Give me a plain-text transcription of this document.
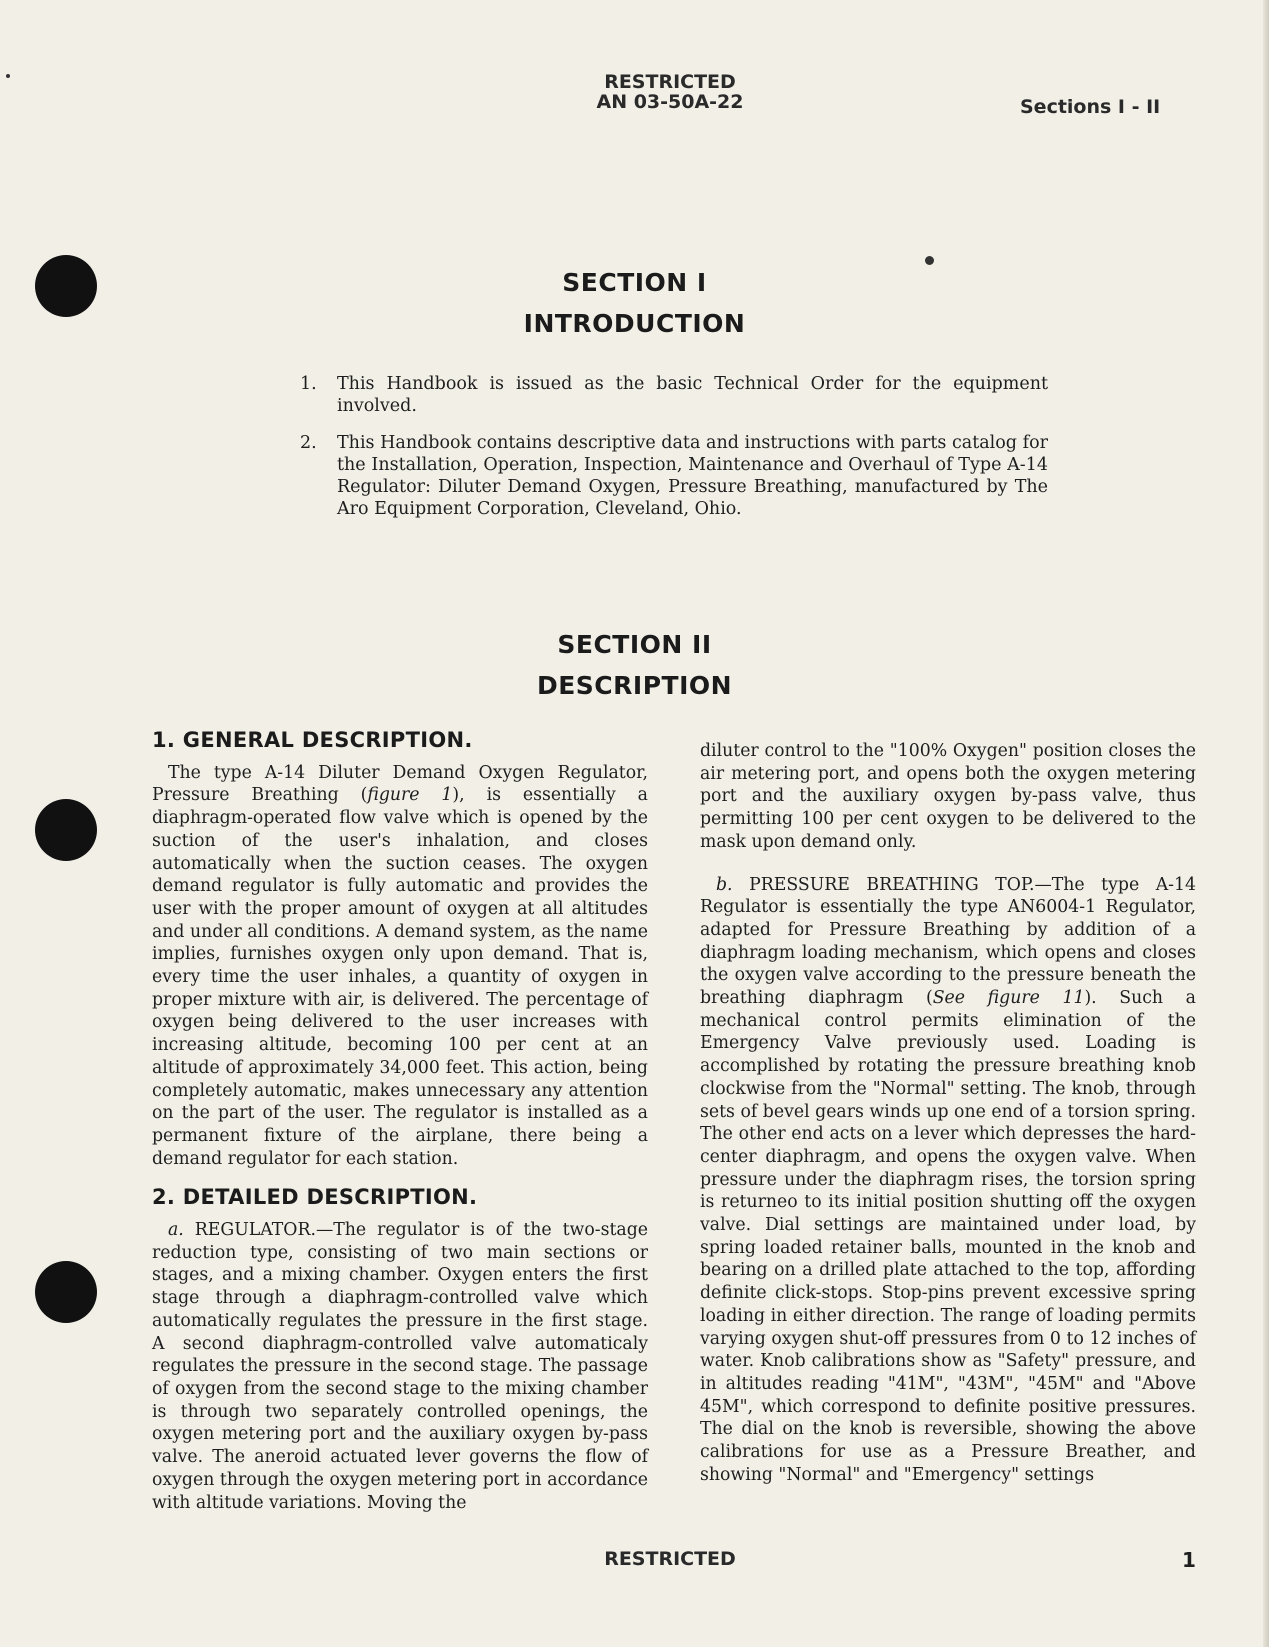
RESTRICTED
AN 03-50A-22	Sections I - II
SECTION I
INTRODUCTION
1. This Handbook is issued as the basic Technical Order for the equipment involved.
2. This Handbook contains descriptive data and instructions with parts catalog for the Installation, Operation, Inspection, Maintenance and Overhaul of Type A-14 Regulator: Diluter Demand Oxygen, Pressure Breathing, manufactured by The Aro Equipment Corporation, Cleveland, Ohio.
SECTION II
DESCRIPTION
1. GENERAL DESCRIPTION.

The type A-14 Diluter Demand Oxygen Regulator, Pressure Breathing (figure 1), is essentially a diaphragm-operated flow valve which is opened by the suction of the user's inhalation, and closes automatically when the suction ceases. The oxygen demand regulator is fully automatic and provides the user with the proper amount of oxygen at all altitudes and under all conditions. A demand system, as the name implies, furnishes oxygen only upon demand. That is, every time the user inhales, a quantity of oxygen in proper mixture with air, is delivered. The percentage of oxygen being delivered to the user increases with increasing altitude, becoming 100 per cent at an altitude of approximately 34,000 feet. This action, being completely automatic, makes unnecessary any attention on the part of the user. The regulator is installed as a permanent fixture of the airplane, there being a demand regulator for each station.

2. DETAILED DESCRIPTION.

a. REGULATOR.—The regulator is of the two-stage reduction type, consisting of two main sections or stages, and a mixing chamber. Oxygen enters the first stage through a diaphragm-controlled valve which automatically regulates the pressure in the first stage. A second diaphragm-controlled valve automaticaly regulates the pressure in the second stage. The passage of oxygen from the second stage to the mixing chamber is through two separately controlled openings, the oxygen metering port and the auxiliary oxygen by-pass valve. The aneroid actuated lever governs the flow of oxygen through the oxygen metering port in accordance with altitude variations. Moving the

diluter control to the "100% Oxygen" position closes the air metering port, and opens both the oxygen metering port and the auxiliary oxygen by-pass valve, thus permitting 100 per cent oxygen to be delivered to the mask upon demand only.

b. PRESSURE BREATHING TOP.—The type A-14 Regulator is essentially the type AN6004-1 Regulator, adapted for Pressure Breathing by addition of a diaphragm loading mechanism, which opens and closes the oxygen valve according to the pressure beneath the breathing diaphragm (See figure 11). Such a mechanical control permits elimination of the Emergency Valve previously used. Loading is accomplished by rotating the pressure breathing knob clockwise from the "Normal" setting. The knob, through sets of bevel gears winds up one end of a torsion spring. The other end acts on a lever which depresses the hard-center diaphragm, and opens the oxygen valve. When pressure under the diaphragm rises, the torsion spring is returneo to its initial position shutting off the oxygen valve. Dial settings are maintained under load, by spring loaded retainer balls, mounted in the knob and bearing on a drilled plate attached to the top, affording definite click-stops. Stop-pins prevent excessive spring loading in either direction. The range of loading permits varying oxygen shut-off pressures from 0 to 12 inches of water. Knob calibrations show as "Safety" pressure, and in altitudes reading "41M", "43M", "45M" and "Above 45M", which correspond to definite positive pressures. The dial on the knob is reversible, showing the above calibrations for use as a Pressure Breather, and showing "Normal" and "Emergency" settings

RESTRICTED	1
